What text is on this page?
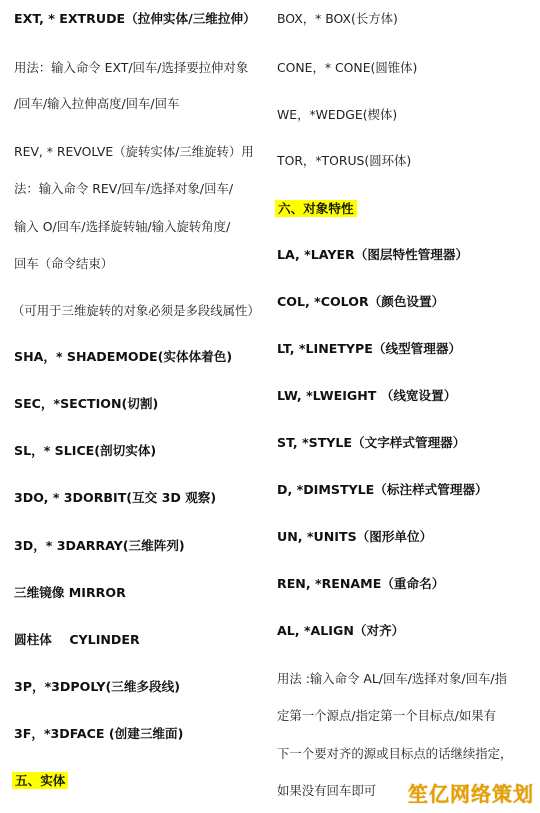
EXT, * EXTRUDE（拉伸实体/三维拉伸）
用法：输入命令 EXT/回车/选择要拉伸对象
/回车/输入拉伸高度/回车/回车
REV, * REVOLVE（旋转实体/三维旋转）用
法：输入命令 REV/回车/选择对象/回车/
输入 O/回车/选择旋转轴/输入旋转角度/
回车（命令结束）
（可用于三维旋转的对象必须是多段线属性）
SHA，* SHADEMODE(实体体着色)
SEC，*SECTION(切割)
SL，* SLICE(剖切实体)
3DO, * 3DORBIT(互交 3D 观察)
3D，* 3DARRAY(三维阵列)
三维镜像 MIRROR
圆柱体    CYLINDER
3P，*3DPOLY(三维多段线)
3F，*3DFACE (创建三维面)
五、实体
BOX，* BOX(长方体)
CONE，* CONE(圆锥体)
WE，*WEDGE(楔体)
TOR，*TORUS(圆环体)
六、对象特性
LA, *LAYER（图层特性管理器）
COL, *COLOR（颜色设置）
LT, *LINETYPE（线型管理器）
LW, *LWEIGHT （线宽设置）
ST, *STYLE（文字样式管理器）
D, *DIMSTYLE（标注样式管理器）
UN, *UNITS（图形单位）
REN, *RENAME（重命名）
AL, *ALIGN（对齐）
用法 :输入命令 AL/回车/选择对象/回车/指
定第一个源点/指定第一个目标点/如果有
下一个要对齐的源或目标点的话继续指定，
如果没有回车即可 笙亿网络策划
